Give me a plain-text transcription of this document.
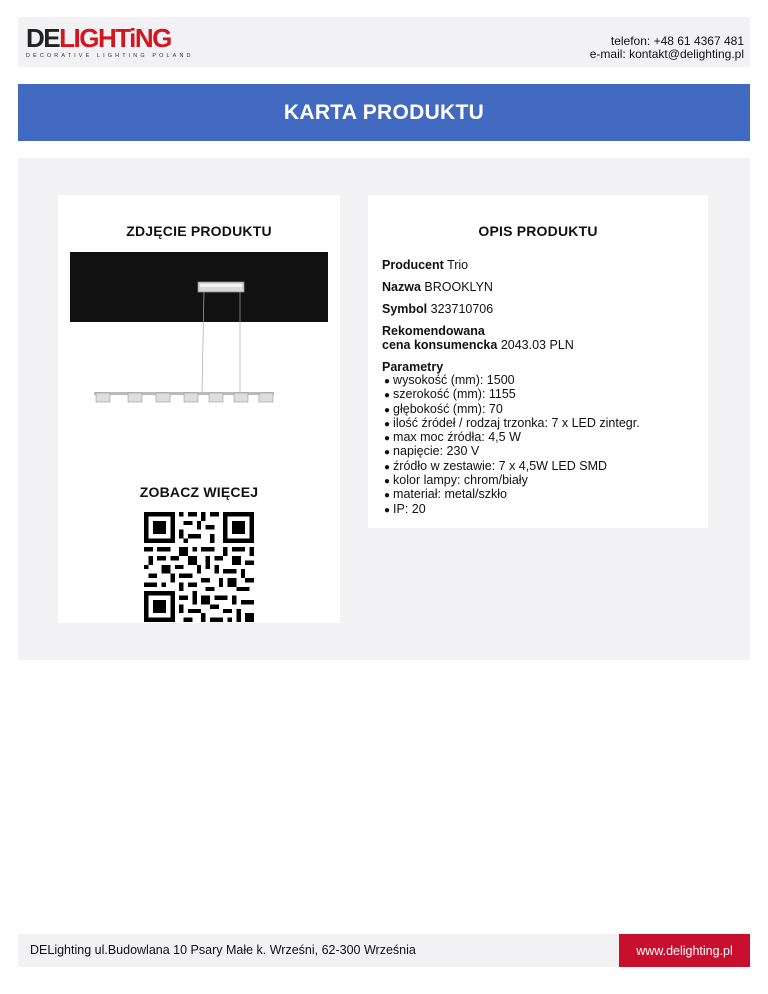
DELIGHTiNG
DECORATIVE LIGHTING POLAND
telefon: +48 61 4367 481
e-mail: kontakt@delighting.pl
KARTA PRODUKTU
ZDJĘCIE PRODUKTU
ZOBACZ WIĘCEJ
OPIS PRODUKTU
Producent Trio
Nazwa BROOKLYN
Symbol 323710706
Rekomendowana
cena konsumencka 2043.03 PLN
Parametry
● wysokość (mm): 1500
● szerokość (mm): 1155
● głębokość (mm): 70
● ilość źródeł / rodzaj trzonka: 7 x LED zintegr.
● max moc źródła: 4,5 W
● napięcie: 230 V
● źródło w zestawie: 7 x 4,5W LED SMD
● kolor lampy: chrom/biały
● materiał: metal/szkło
● IP: 20
DELighting ul.Budowlana 10 Psary Małe k. Wrześni, 62-300 Września	www.delighting.pl
